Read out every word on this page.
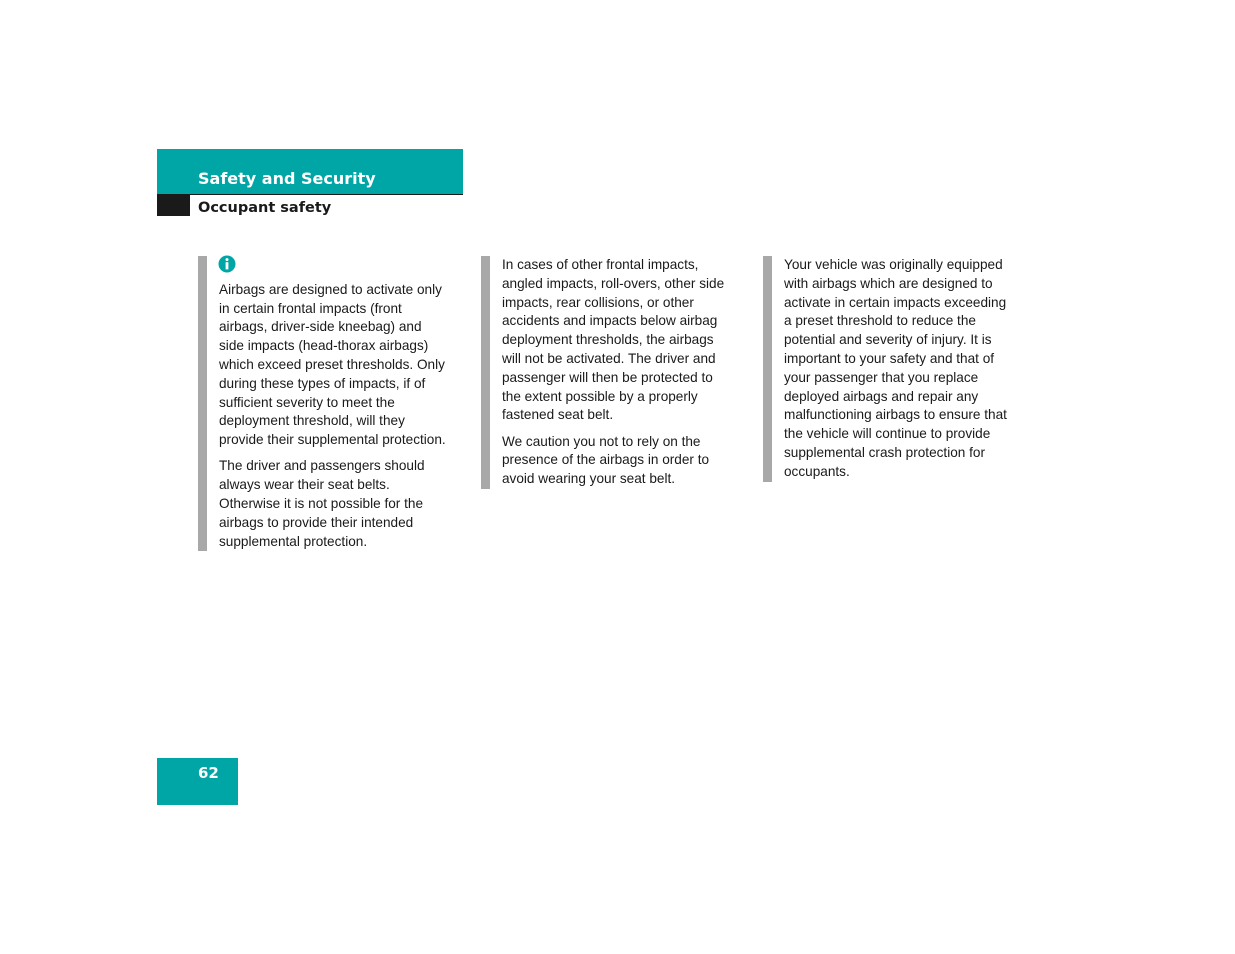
Safety and Security
Occupant safety

Airbags are designed to activate only in certain frontal impacts (front airbags, driver-side kneebag) and side impacts (head-thorax airbags) which exceed preset thresholds. Only during these types of impacts, if of sufficient severity to meet the deployment threshold, will they provide their supplemental protection.

The driver and passengers should always wear their seat belts. Otherwise it is not possible for the airbags to provide their intended supplemental protection.

In cases of other frontal impacts, angled impacts, roll-overs, other side impacts, rear collisions, or other accidents and impacts below airbag deployment thresholds, the airbags will not be activated. The driver and passenger will then be protected to the extent possible by a properly fastened seat belt.

We caution you not to rely on the presence of the airbags in order to avoid wearing your seat belt.

Your vehicle was originally equipped with airbags which are designed to activate in certain impacts exceeding a preset threshold to reduce the potential and severity of injury. It is important to your safety and that of your passenger that you replace deployed airbags and repair any malfunctioning airbags to ensure that the vehicle will continue to provide supplemental crash protection for occupants.

62
